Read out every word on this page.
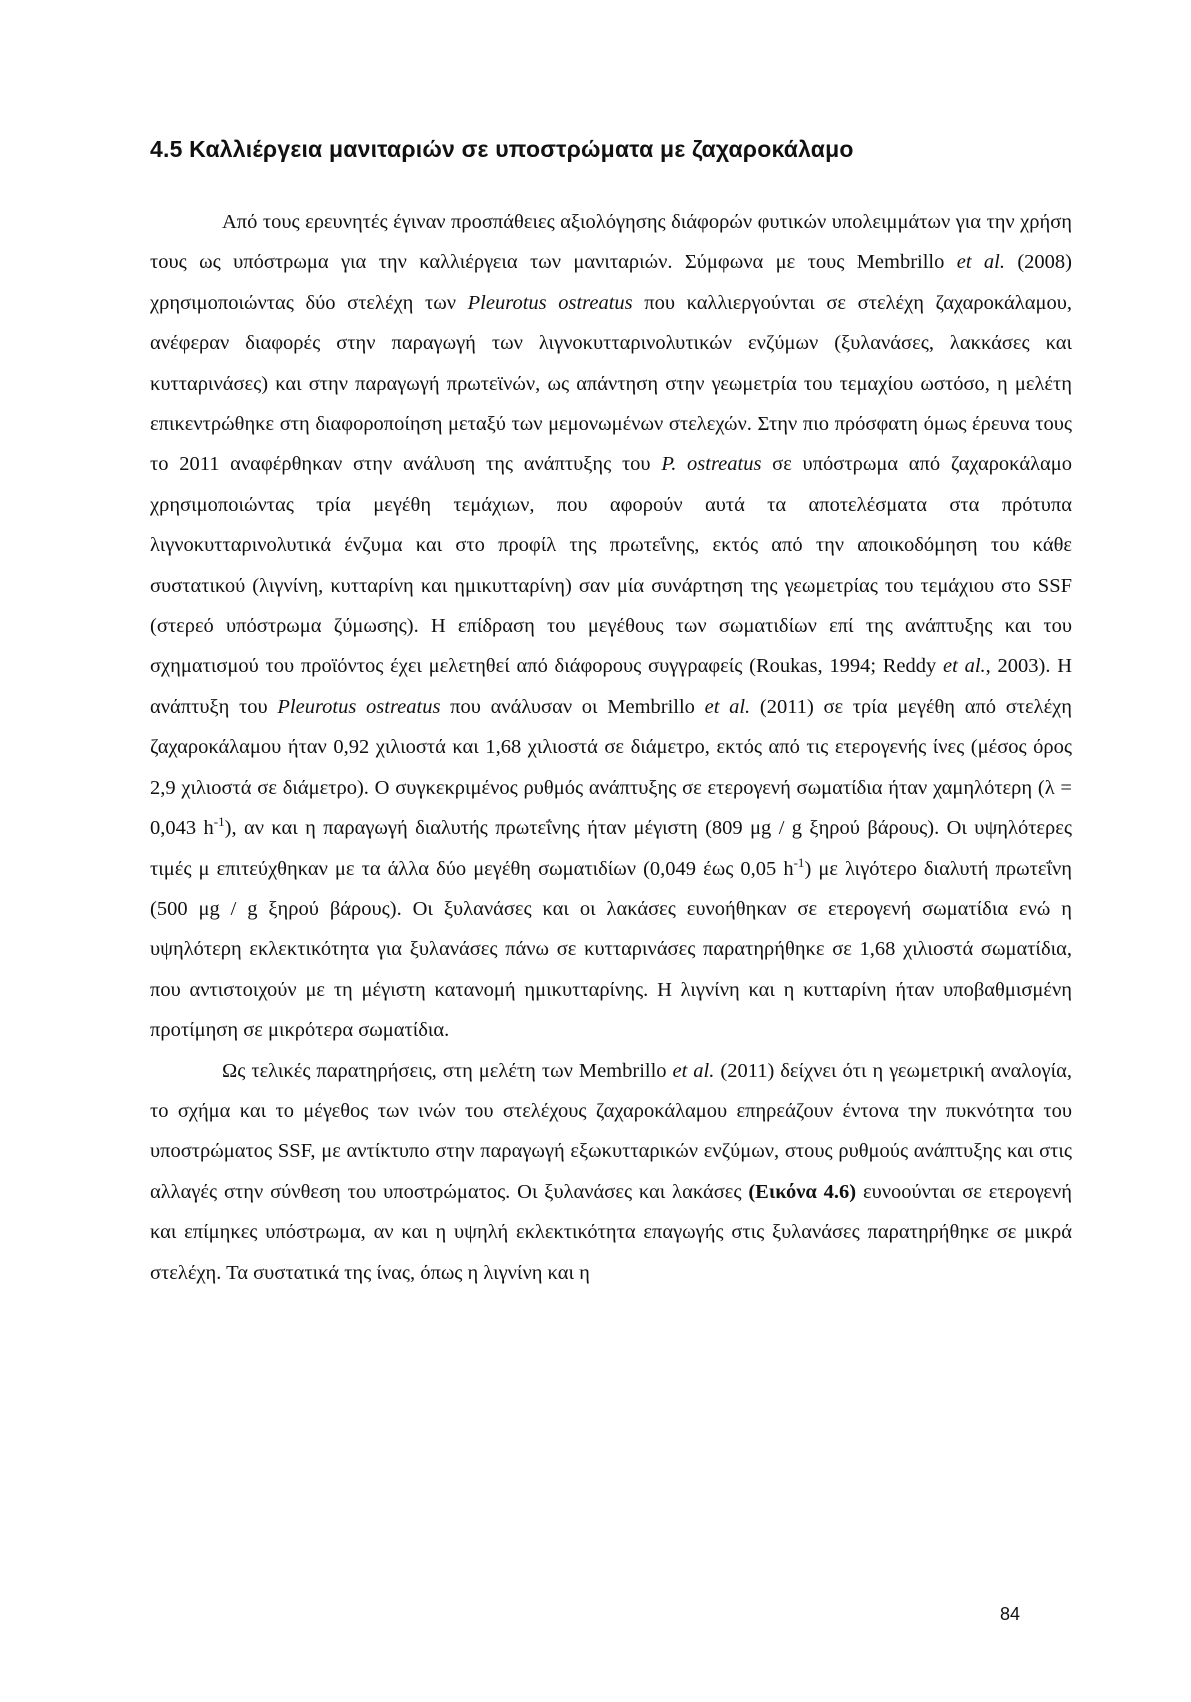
4.5 Καλλιέργεια μανιταριών σε υποστρώματα με ζαχαροκάλαμο

Από τους ερευνητές έγιναν προσπάθειες αξιολόγησης διάφορών φυτικών υπολειμμάτων για την χρήση τους ως υπόστρωμα για την καλλιέργεια των μανιταριών. Σύμφωνα με τους Membrillo et al. (2008) χρησιμοποιώντας δύο στελέχη των Pleurotus ostreatus που καλλιεργούνται σε στελέχη ζαχαροκάλαμου, ανέφεραν διαφορές στην παραγωγή των λιγνοκυτταρινολυτικών ενζύμων (ξυλανάσες, λακκάσες και κυτταρινάσες) και στην παραγωγή πρωτεϊνών, ως απάντηση στην γεωμετρία του τεμαχίου ωστόσο, η μελέτη επικεντρώθηκε στη διαφοροποίηση μεταξύ των μεμονωμένων στελεχών. Στην πιο πρόσφατη όμως έρευνα τους το 2011 αναφέρθηκαν στην ανάλυση της ανάπτυξης του P. ostreatus σε υπόστρωμα από ζαχαροκάλαμο χρησιμοποιώντας τρία μεγέθη τεμάχιων, που αφορούν αυτά τα αποτελέσματα στα πρότυπα λιγνοκυτταρινολυτικά ένζυμα και στο προφίλ της πρωτεΐνης, εκτός από την αποικοδόμηση του κάθε συστατικού (λιγνίνη, κυτταρίνη και ημικυτταρίνη) σαν μία συνάρτηση της γεωμετρίας του τεμάχιου στο SSF (στερεό υπόστρωμα ζύμωσης). Η επίδραση του μεγέθους των σωματιδίων επί της ανάπτυξης και του σχηματισμού του προϊόντος έχει μελετηθεί από διάφορους συγγραφείς (Roukas, 1994; Reddy et al., 2003). Η ανάπτυξη του Pleurotus ostreatus που ανάλυσαν οι Membrillo et al. (2011) σε τρία μεγέθη από στελέχη ζαχαροκάλαμου ήταν 0,92 χιλιοστά και 1,68 χιλιοστά σε διάμετρο, εκτός από τις ετερογενής ίνες (μέσος όρος 2,9 χιλιοστά σε διάμετρο). Ο συγκεκριμένος ρυθμός ανάπτυξης σε ετερογενή σωματίδια ήταν χαμηλότερη (λ = 0,043 $h^{-1}$), αν και η παραγωγή διαλυτής πρωτεΐνης ήταν μέγιστη (809 μg / g ξηρού βάρους). Οι υψηλότερες τιμές μ επιτεύχθηκαν με τα άλλα δύο μεγέθη σωματιδίων (0,049 έως 0,05 $h^{-1}$) με λιγότερο διαλυτή πρωτεΐνη (500 μg / g ξηρού βάρους). Οι ξυλανάσες και οι λακάσες ευνοήθηκαν σε ετερογενή σωματίδια ενώ η υψηλότερη εκλεκτικότητα για ξυλανάσες πάνω σε κυτταρινάσες παρατηρήθηκε σε 1,68 χιλιοστά σωματίδια, που αντιστοιχούν με τη μέγιστη κατανομή ημικυτταρίνης. Η λιγνίνη και η κυτταρίνη ήταν υποβαθμισμένη προτίμηση σε μικρότερα σωματίδια.

Ως τελικές παρατηρήσεις, στη μελέτη των Membrillo et al. (2011) δείχνει ότι η γεωμετρική αναλογία, το σχήμα και το μέγεθος των ινών του στελέχους ζαχαροκάλαμου επηρεάζουν έντονα την πυκνότητα του υποστρώματος SSF, με αντίκτυπο στην παραγωγή εξωκυτταρικών ενζύμων, στους ρυθμούς ανάπτυξης και στις αλλαγές στην σύνθεση του υποστρώματος. Οι ξυλανάσες και λακάσες (Εικόνα 4.6) ευνοούνται σε ετερογενή και επίμηκες υπόστρωμα, αν και η υψηλή εκλεκτικότητα επαγωγής στις ξυλανάσες παρατηρήθηκε σε μικρά στελέχη. Τα συστατικά της ίνας, όπως η λιγνίνη και η

84
